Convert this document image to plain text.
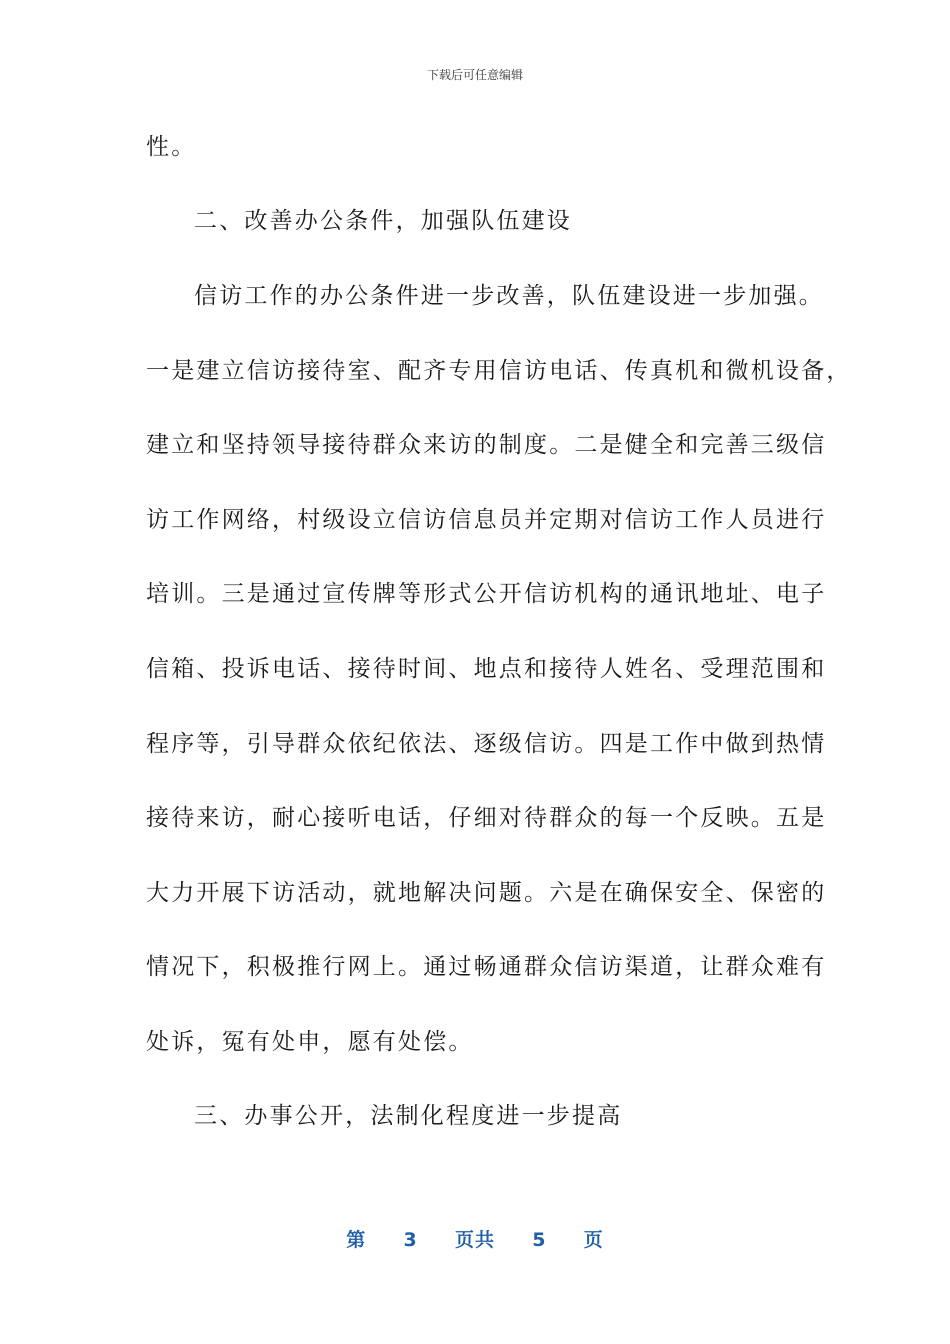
下载后可任意编辑
性。
二、改善办公条件，加强队伍建设
信访工作的办公条件进一步改善，队伍建设进一步加强。
一是建立信访接待室、配齐专用信访电话、传真机和微机设备，
建立和坚持领导接待群众来访的制度。二是健全和完善三级信
访工作网络，村级设立信访信息员并定期对信访工作人员进行
培训。三是通过宣传牌等形式公开信访机构的通讯地址、电子
信箱、投诉电话、接待时间、地点和接待人姓名、受理范围和
程序等，引导群众依纪依法、逐级信访。四是工作中做到热情
接待来访，耐心接听电话，仔细对待群众的每一个反映。五是
大力开展下访活动，就地解决问题。六是在确保安全、保密的
情况下，积极推行网上。通过畅通群众信访渠道，让群众难有
处诉，冤有处申，愿有处偿。
三、办事公开，法制化程度进一步提高
第 3 页共 5 页
